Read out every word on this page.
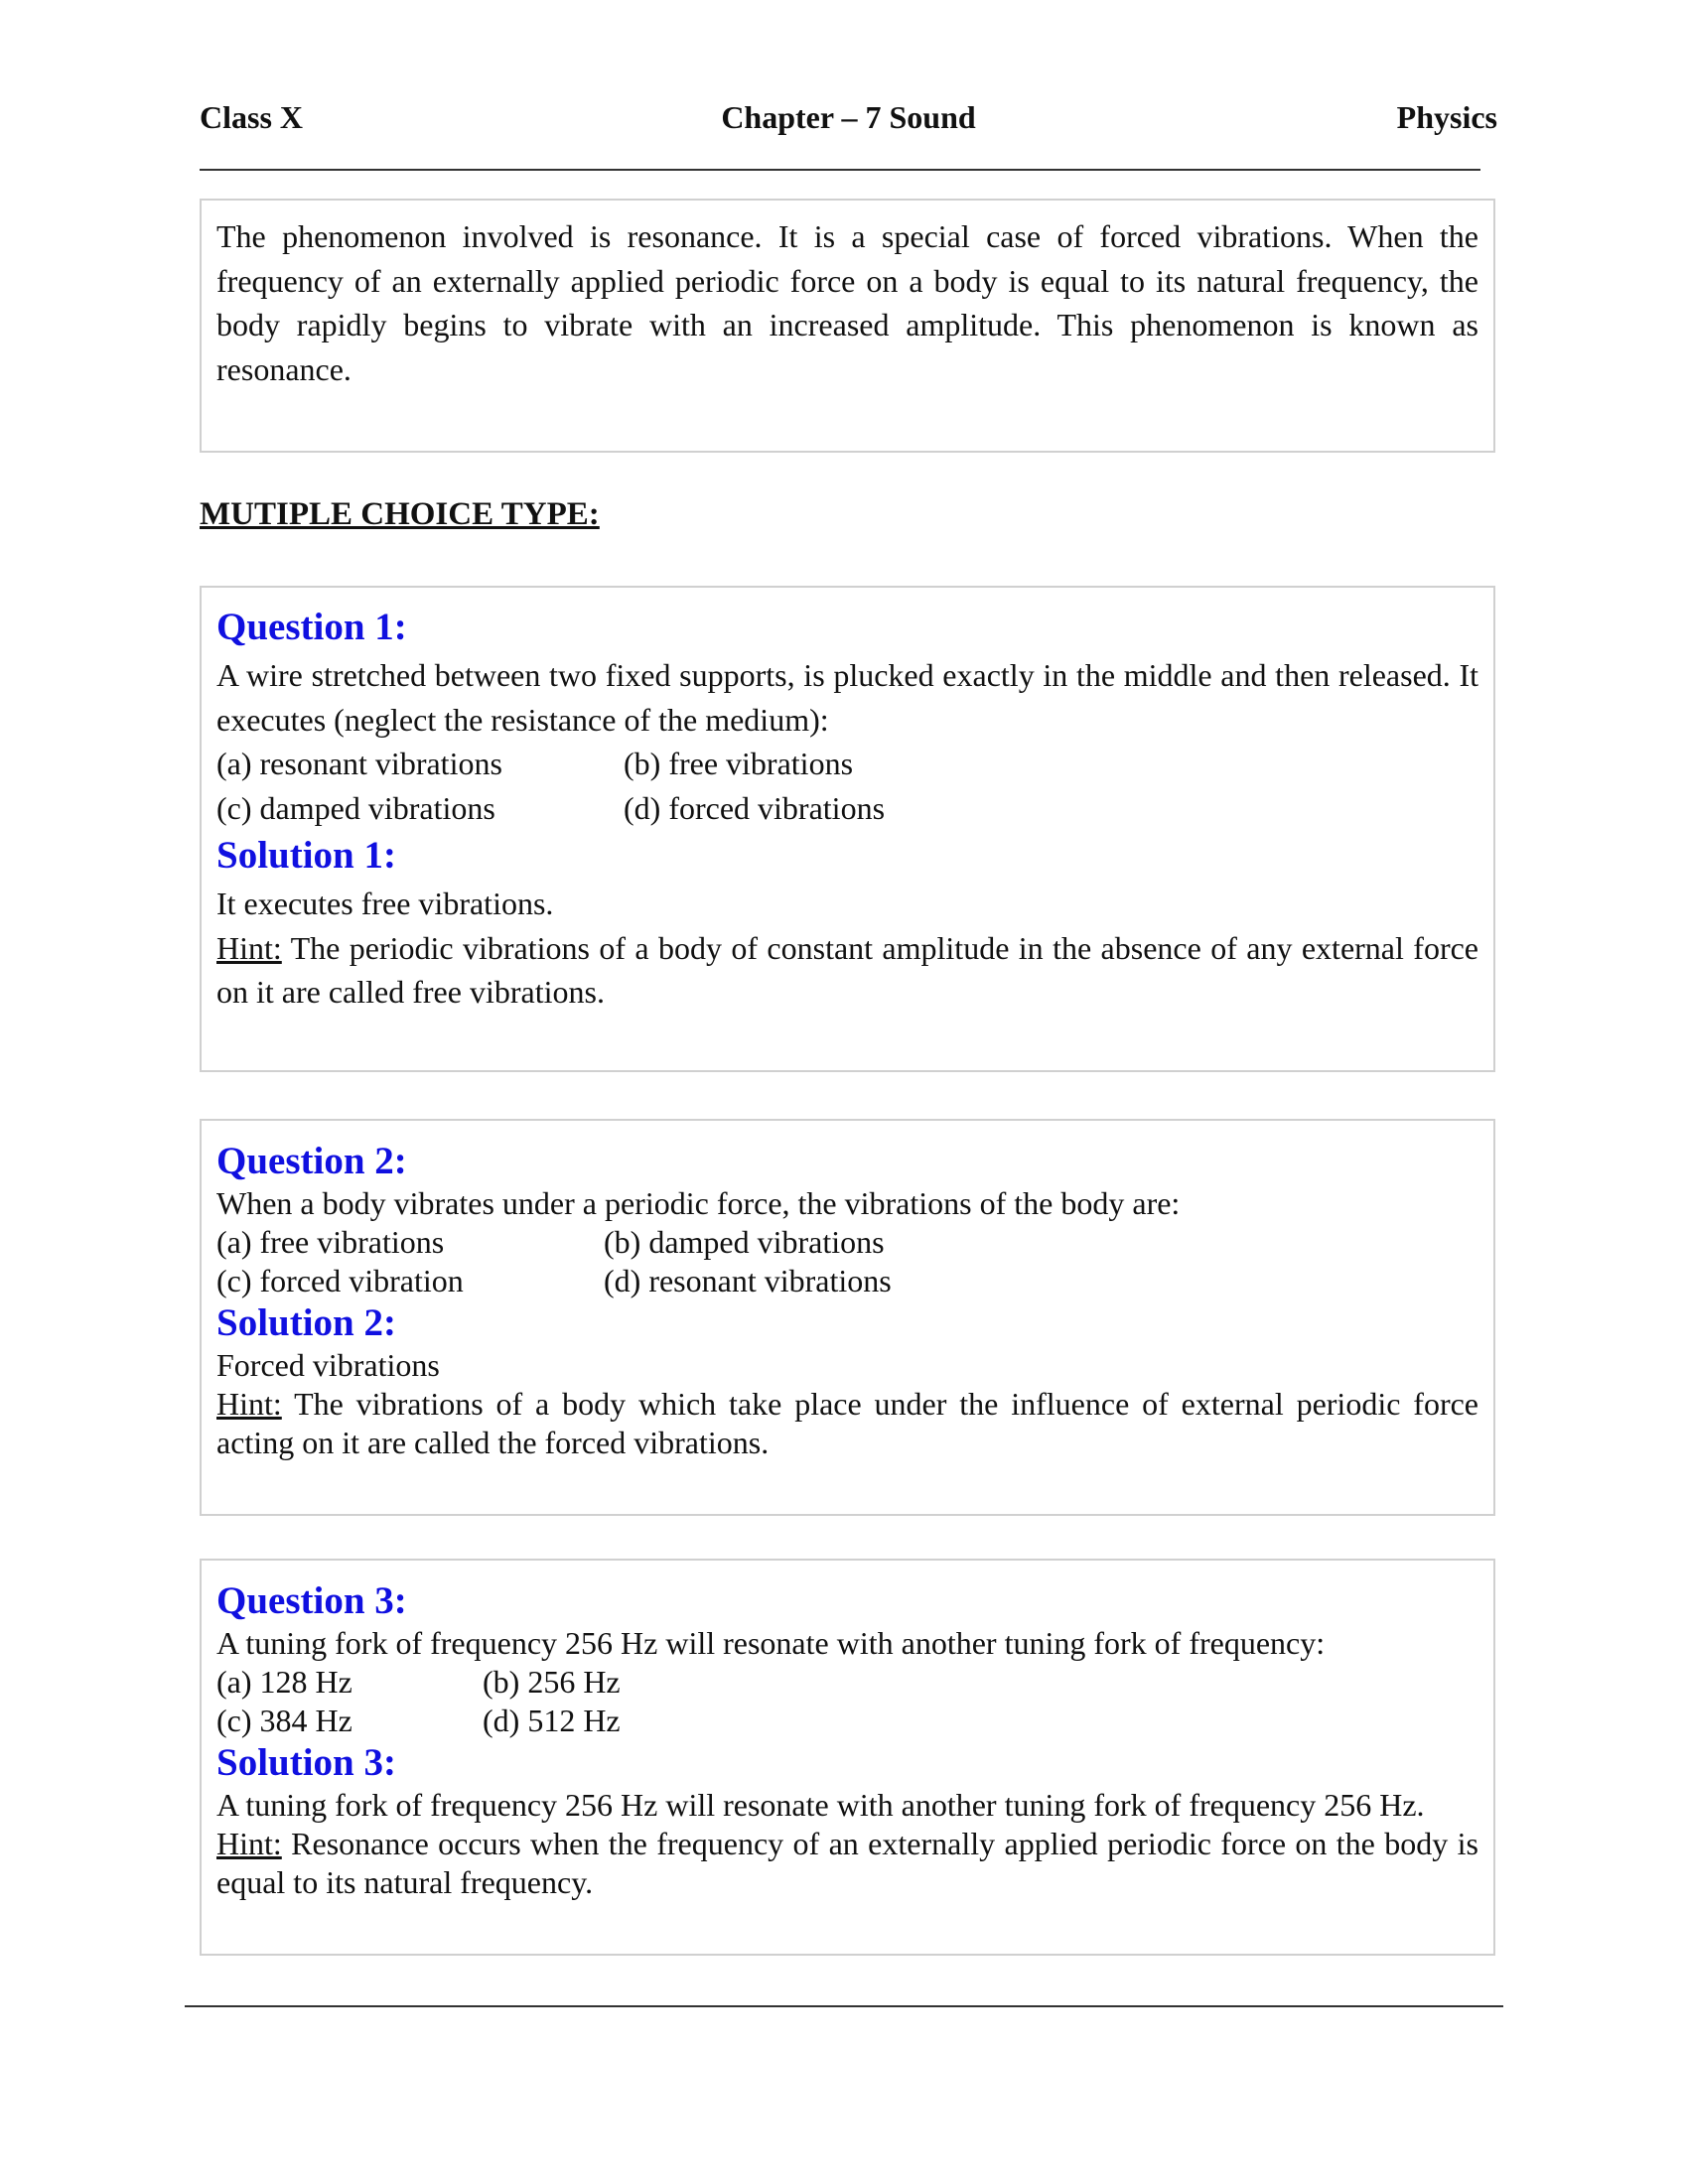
Class X	Chapter – 7 Sound	Physics
The phenomenon involved is resonance. It is a special case of forced vibrations. When the frequency of an externally applied periodic force on a body is equal to its natural frequency, the body rapidly begins to vibrate with an increased amplitude. This phenomenon is known as resonance.
MUTIPLE CHOICE TYPE:
Question 1:
A wire stretched between two fixed supports, is plucked exactly in the middle and then released. It executes (neglect the resistance of the medium):
(a) resonant vibrations	(b) free vibrations
(c) damped vibrations	(d) forced vibrations
Solution 1:
It executes free vibrations.
Hint: The periodic vibrations of a body of constant amplitude in the absence of any external force on it are called free vibrations.
Question 2:
When a body vibrates under a periodic force, the vibrations of the body are:
(a) free vibrations	(b) damped vibrations
(c) forced vibration	(d) resonant vibrations
Solution 2:
Forced vibrations
Hint: The vibrations of a body which take place under the influence of external periodic force acting on it are called the forced vibrations.
Question 3:
A tuning fork of frequency 256 Hz will resonate with another tuning fork of frequency:
(a) 128 Hz	(b) 256 Hz
(c) 384 Hz	(d) 512 Hz
Solution 3:
A tuning fork of frequency 256 Hz will resonate with another tuning fork of frequency 256 Hz.
Hint: Resonance occurs when the frequency of an externally applied periodic force on the body is equal to its natural frequency.
